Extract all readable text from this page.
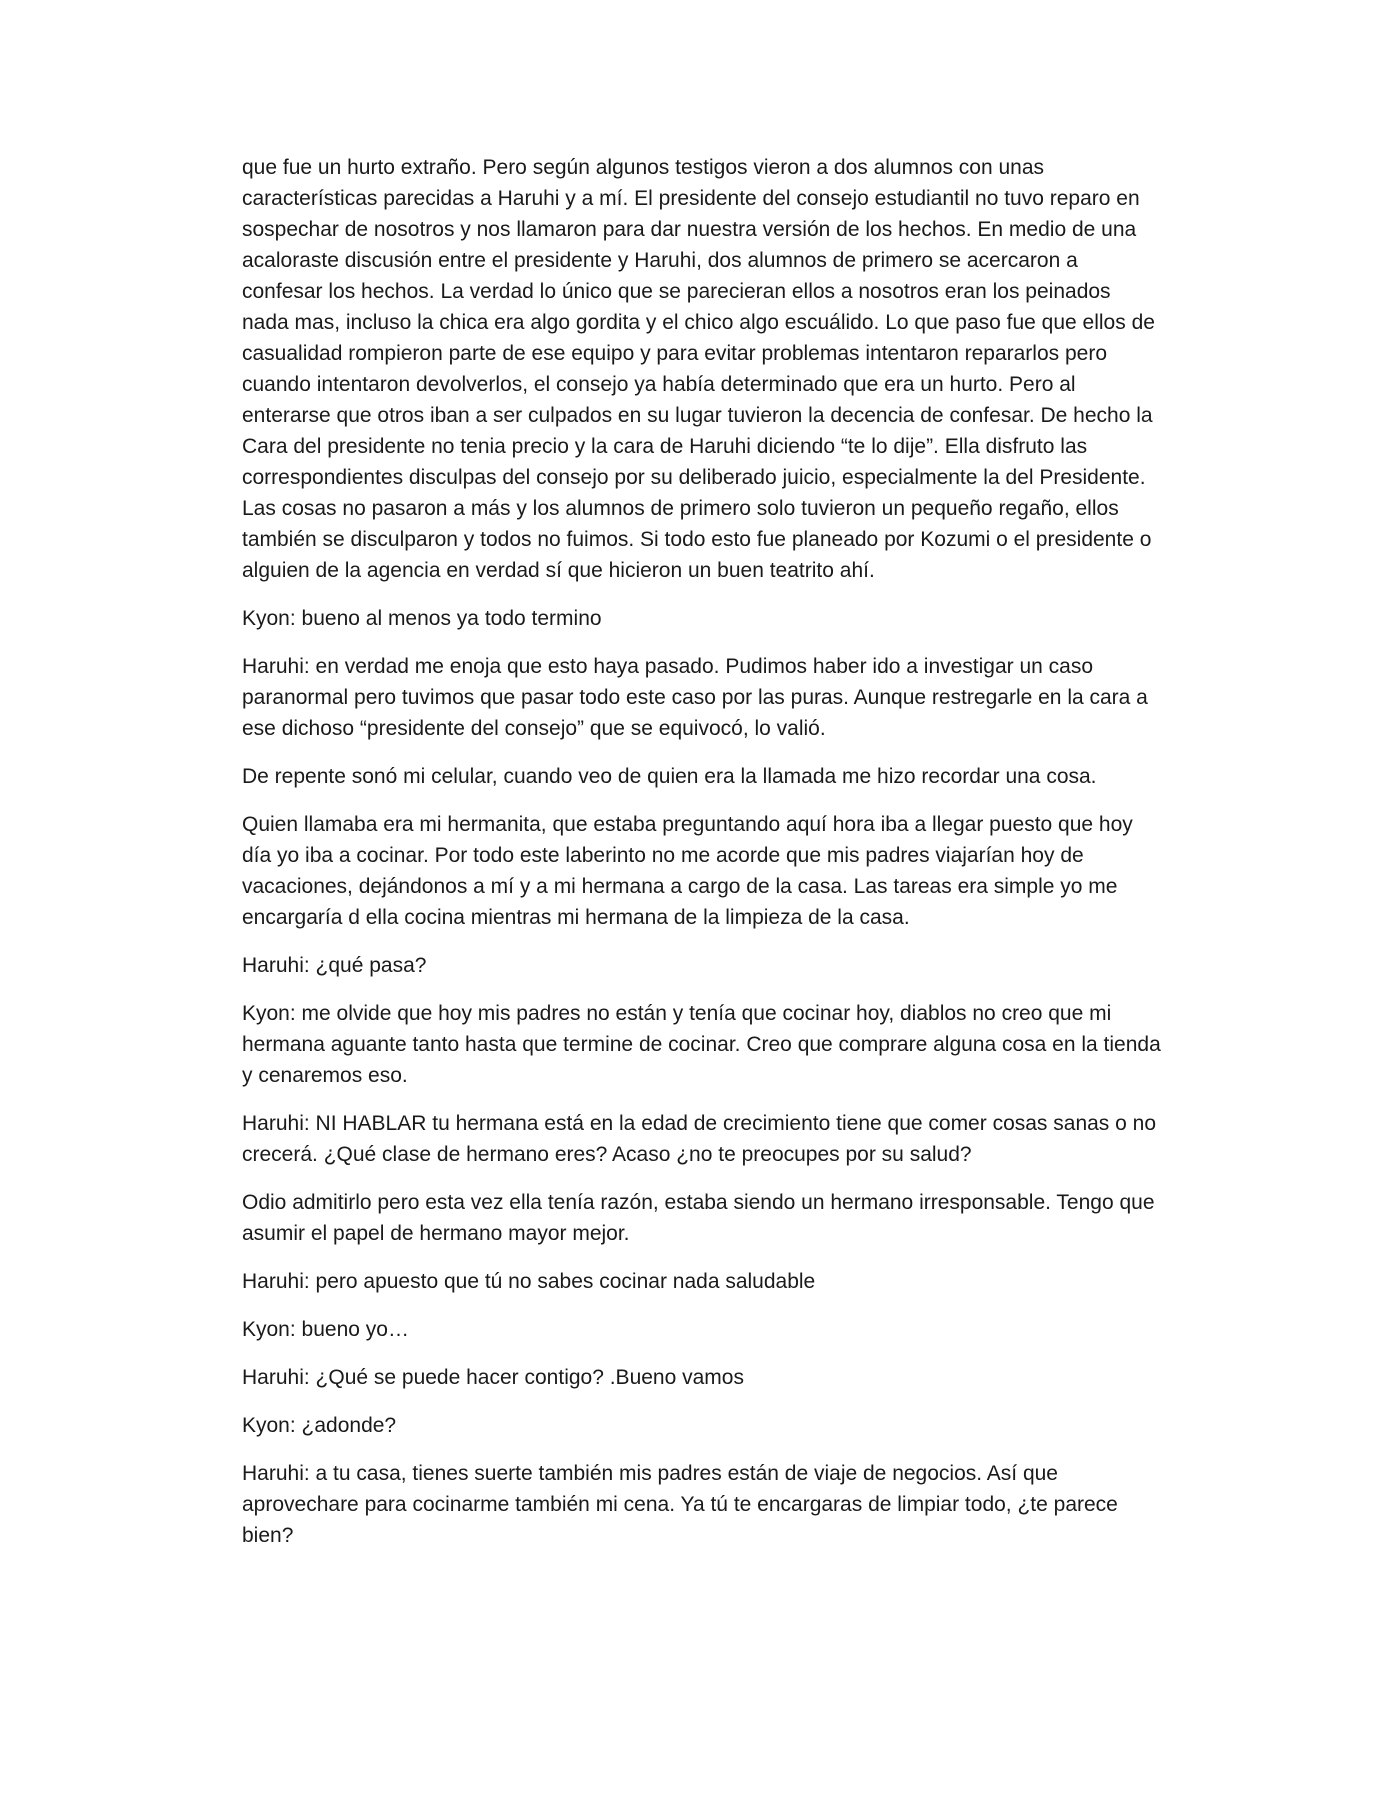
que fue un hurto extraño. Pero según algunos testigos vieron a dos alumnos con unas características parecidas a Haruhi y a mí. El presidente del consejo estudiantil no tuvo reparo en sospechar de nosotros y nos llamaron para dar nuestra versión de los hechos. En medio de una acaloraste discusión entre el presidente y Haruhi, dos alumnos de primero se acercaron a confesar los hechos. La verdad lo único que se parecieran ellos a nosotros eran los peinados nada mas, incluso la chica era algo gordita y el chico algo escuálido. Lo que paso fue que ellos de casualidad rompieron parte de ese equipo y para evitar problemas intentaron repararlos pero cuando intentaron devolverlos, el consejo ya había determinado que era un hurto. Pero al enterarse que otros iban a ser culpados en su lugar tuvieron la decencia de confesar. De hecho la Cara del presidente no tenia precio y la cara de Haruhi diciendo “te lo dije”. Ella disfruto las correspondientes disculpas del consejo por su deliberado juicio, especialmente la del Presidente. Las cosas no pasaron a más y los alumnos de primero solo tuvieron un pequeño regaño, ellos también se disculparon y todos no fuimos. Si todo esto fue planeado por Kozumi o el presidente o alguien de la agencia en verdad sí que hicieron un buen teatrito ahí.

Kyon: bueno al menos ya todo termino

Haruhi: en verdad me enoja que esto haya pasado. Pudimos haber ido a investigar un caso paranormal pero tuvimos que pasar todo este caso por las puras. Aunque restregarle en la cara a ese dichoso “presidente del consejo” que se equivocó, lo valió.

De repente sonó mi celular, cuando veo de quien era la llamada me hizo recordar una cosa.

Quien llamaba era mi hermanita, que estaba preguntando aquí hora iba a llegar puesto que hoy día yo iba a cocinar. Por todo este laberinto no me acorde que mis padres viajarían hoy de vacaciones, dejándonos a mí y a mi hermana a cargo de la casa. Las tareas era simple yo me encargaría d ella cocina mientras mi hermana de la limpieza de la casa.

Haruhi: ¿qué pasa?

Kyon: me olvide que hoy mis padres no están y tenía que cocinar hoy, diablos no creo que mi hermana aguante tanto hasta que termine de cocinar. Creo que comprare alguna cosa en la tienda y cenaremos eso.

Haruhi: NI HABLAR tu hermana está en la edad de crecimiento tiene que comer cosas sanas o no crecerá. ¿Qué clase de hermano eres? Acaso ¿no te preocupes por su salud?

Odio admitirlo pero esta vez ella tenía razón, estaba siendo un hermano irresponsable. Tengo que asumir el papel de hermano mayor mejor.

Haruhi: pero apuesto que tú no sabes cocinar nada saludable

Kyon: bueno yo…

Haruhi: ¿Qué se puede hacer contigo? .Bueno vamos

Kyon: ¿adonde?

Haruhi: a tu casa, tienes suerte también mis padres están de viaje de negocios. Así que aprovechare para cocinarme también mi cena. Ya tú te encargaras de limpiar todo, ¿te parece bien?
